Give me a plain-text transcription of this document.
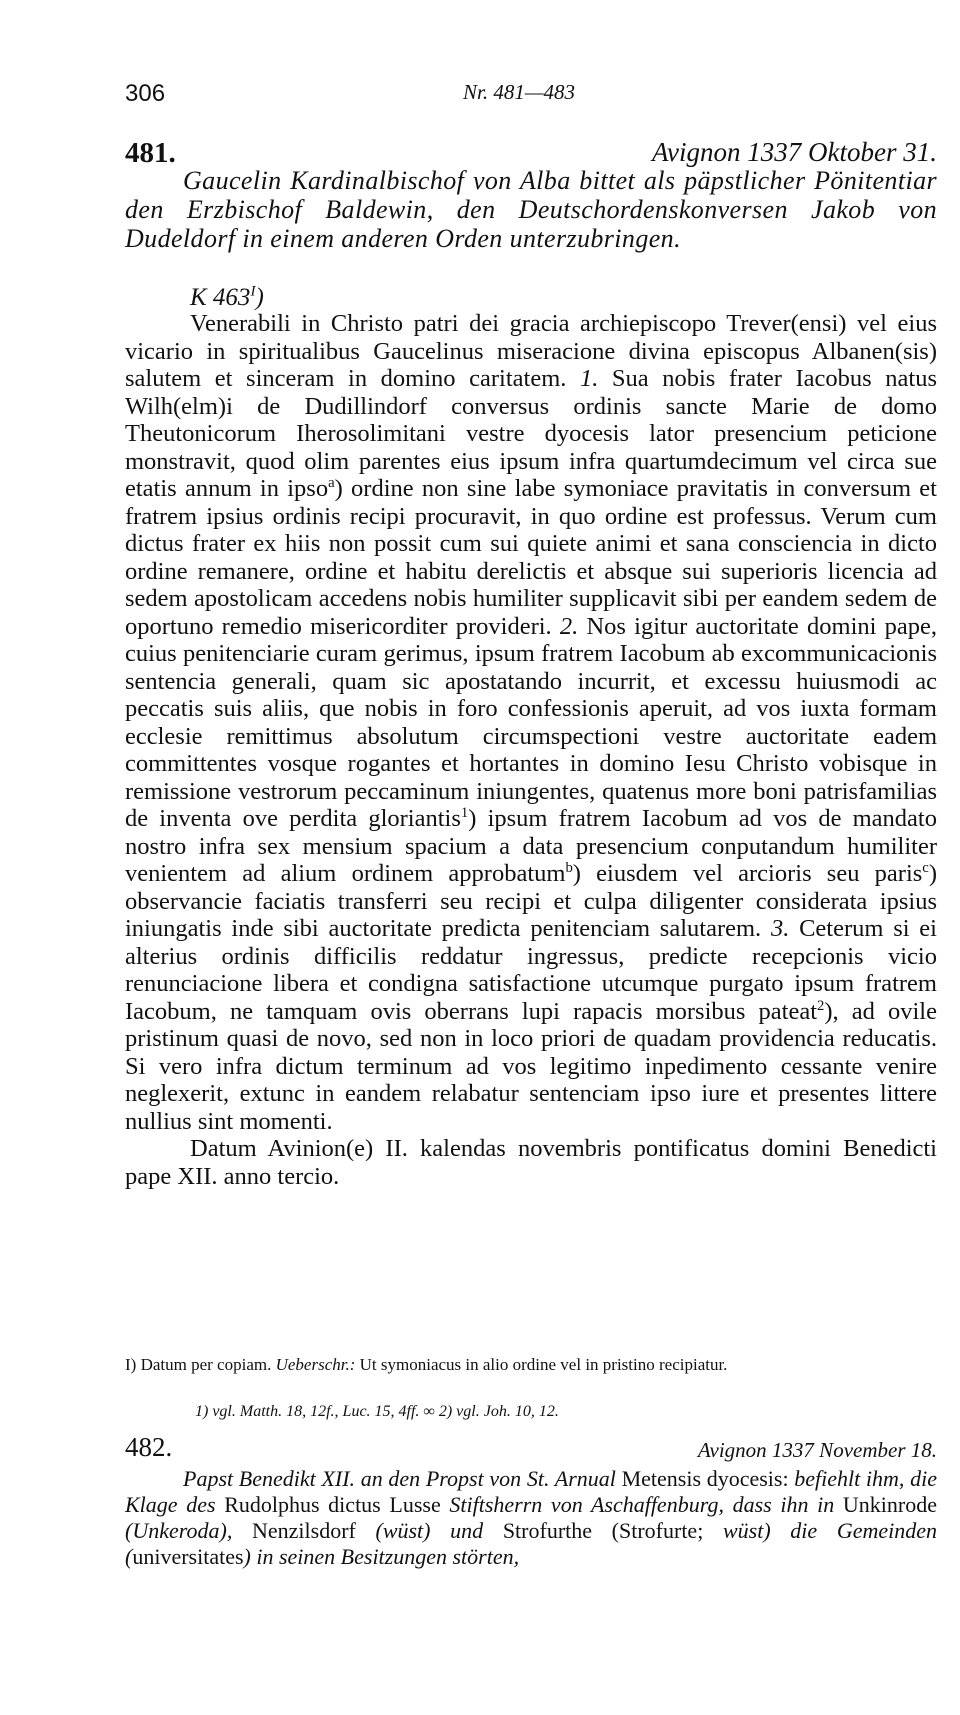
306	Nr. 481—483
481.	Avignon 1337 Oktober 31.
Gaucelin Kardinalbischof von Alba bittet als päpstlicher Pönitentiar den Erzbischof Baldewin, den Deutschordenskonversen Jakob von Dudeldorf in einem anderen Orden unterzubringen.
K $463^I$)

Venerabili in Christo patri dei gracia archiepiscopo Trever(ensi) vel eius vicario in spiritualibus Gaucelinus miseracione divina episcopus Albanen(sis) salutem et sinceram in domino caritatem. 1. Sua nobis frater Iacobus natus Wilh(elm)i de Dudillindorf conversus ordinis sancte Marie de domo Theutonicorum Iherosolimitani vestre dyocesis lator presencium peticione monstravit, quod olim parentes eius ipsum infra quartumdecimum vel circa sue etatis annum in ipso$^a$) ordine non sine labe symoniace pravitatis in conversum et fratrem ipsius ordinis recipi procuravit, in quo ordine est professus. Verum cum dictus frater ex hiis non possit cum sui quiete animi et sana consciencia in dicto ordine remanere, ordine et habitu derelictis et absque sui superioris licencia ad sedem apostolicam accedens nobis humiliter supplicavit sibi per eandem sedem de oportuno remedio misericorditer provideri. 2. Nos igitur auctoritate domini pape, cuius penitenciarie curam gerimus, ipsum fratrem Iacobum ab excommunicacionis sentencia generali, quam sic apostatando incurrit, et excessu huiusmodi ac peccatis suis aliis, que nobis in foro confessionis aperuit, ad vos iuxta formam ecclesie remittimus absolutum circumspectioni vestre auctoritate eadem committentes vosque rogantes et hortantes in domino Iesu Christo vobisque in remissione vestrorum peccaminum iniungentes, quatenus more boni patrisfamilias de inventa ove perdita gloriantis$^1$) ipsum fratrem Iacobum ad vos de mandato nostro infra sex mensium spacium a data presencium conputandum humiliter venientem ad alium ordinem approbatum$^b$) eiusdem vel arcioris seu paris$^c$) observancie faciatis transferri seu recipi et culpa diligenter considerata ipsius iniungatis inde sibi auctoritate predicta penitenciam salutarem. 3. Ceterum si ei alterius ordinis difficilis reddatur ingressus, predicte recepcionis vicio renunciacione libera et condigna satisfactione utcumque purgato ipsum fratrem Iacobum, ne tamquam ovis oberrans lupi rapacis morsibus pateat$^2$), ad ovile pristinum quasi de novo, sed non in loco priori de quadam providencia reducatis. Si vero infra dictum terminum ad vos legitimo inpedimento cessante venire neglexerit, extunc in eandem relabatur sentenciam ipso iure et presentes littere nullius sint momenti.

Datum Avinion(e) II. kalendas novembris pontificatus domini Benedicti pape XII. anno tercio.

I) Datum per copiam. Ueberschr.: Ut symoniacus in alio ordine vel in pristino recipiatur.
1) vgl. Matth. 18, 12f., Luc. 15, 4ff. ∞ 2) vgl. Joh. 10, 12.
482.	Avignon 1337 November 18.
Papst Benedikt XII. an den Propst von St. Arnual Metensis dyocesis: befiehlt ihm, die Klage des Rudolphus dictus Lusse Stiftsherrn von Aschaffenburg, dass ihn in Unkinrode (Unkeroda), Nenzilsdorf (wüst) und Strofurthe (Strofurte; wüst) die Gemeinden (universitates) in seinen Besitzungen störten,
